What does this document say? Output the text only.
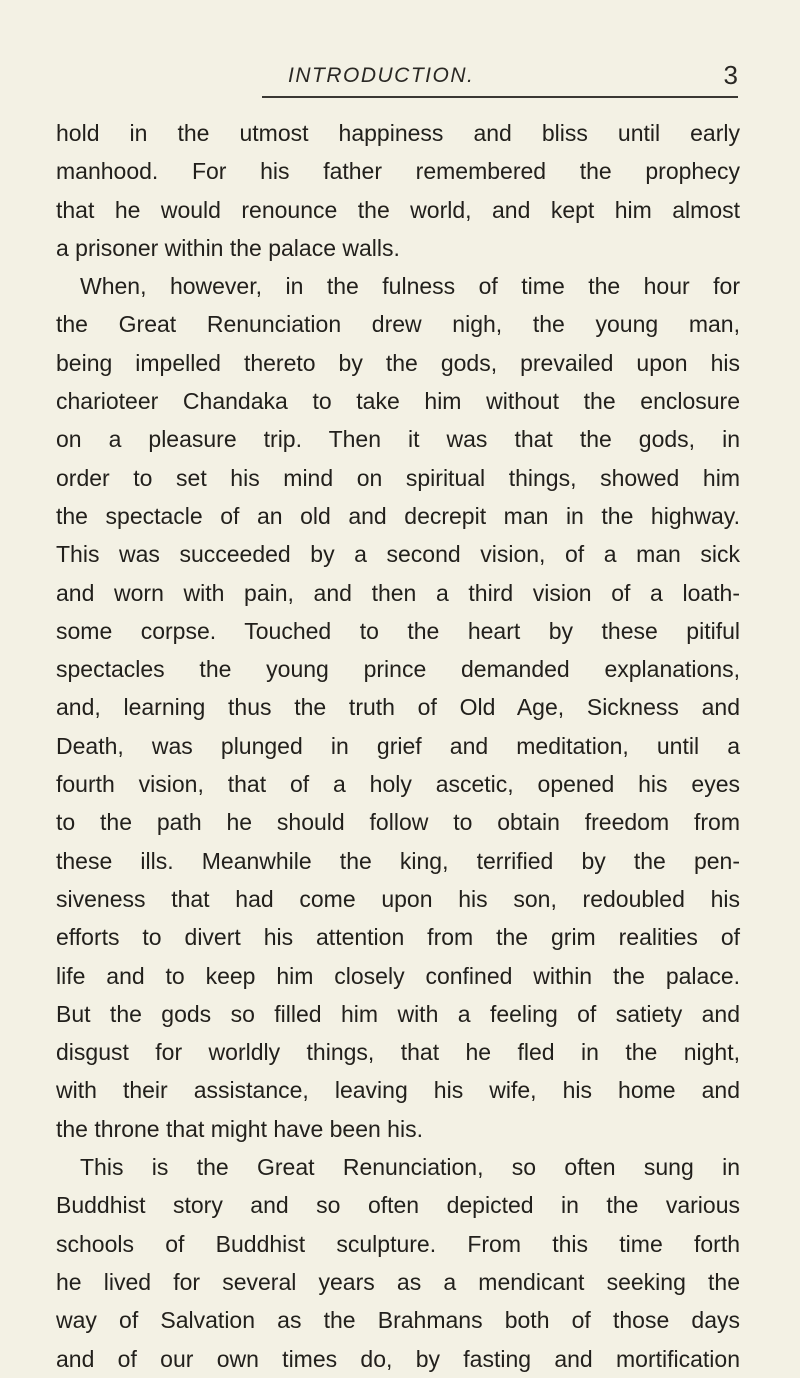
INTRODUCTION.	3
hold in the utmost happiness and bliss until early
manhood. For his father remembered the prophecy
that he would renounce the world, and kept him almost
a prisoner within the palace walls.
When, however, in the fulness of time the hour for
the Great Renunciation drew nigh, the young man,
being impelled thereto by the gods, prevailed upon his
charioteer Chandaka to take him without the enclosure
on a pleasure trip. Then it was that the gods, in
order to set his mind on spiritual things, showed him
the spectacle of an old and decrepit man in the highway.
This was succeeded by a second vision, of a man sick
and worn with pain, and then a third vision of a loath-
some corpse. Touched to the heart by these pitiful
spectacles the young prince demanded explanations,
and, learning thus the truth of Old Age, Sickness and
Death, was plunged in grief and meditation, until a
fourth vision, that of a holy ascetic, opened his eyes
to the path he should follow to obtain freedom from
these ills. Meanwhile the king, terrified by the pen-
siveness that had come upon his son, redoubled his
efforts to divert his attention from the grim realities of
life and to keep him closely confined within the palace.
But the gods so filled him with a feeling of satiety and
disgust for worldly things, that he fled in the night,
with their assistance, leaving his wife, his home and
the throne that might have been his.
This is the Great Renunciation, so often sung in
Buddhist story and so often depicted in the various
schools of Buddhist sculpture. From this time forth
he lived for several years as a mendicant seeking the
way of Salvation as the Brahmans both of those days
and of our own times do, by fasting and mortification
